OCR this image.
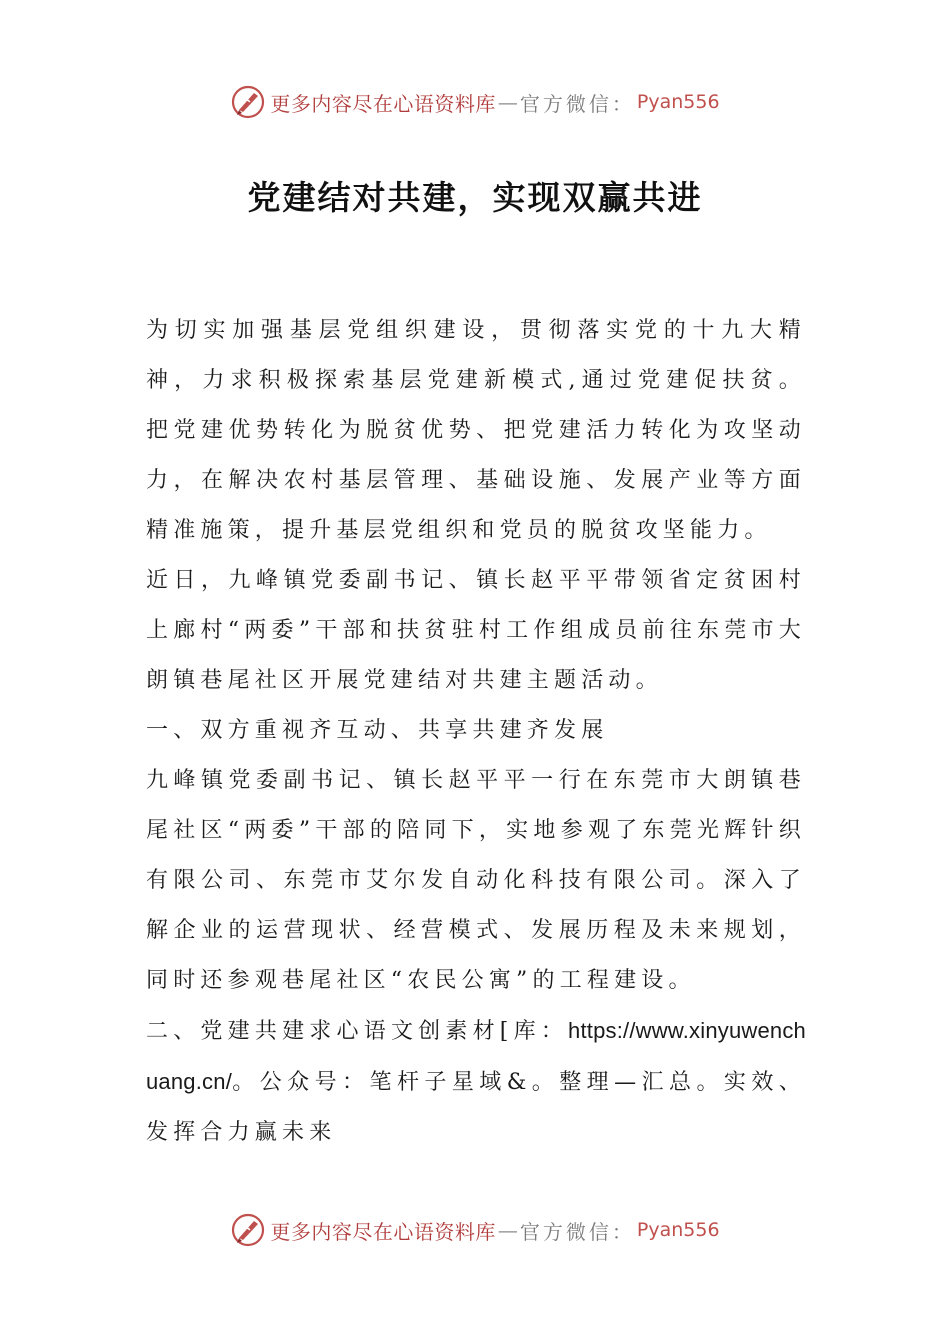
更多内容尽在心语资料库 — 官方微信： Pyan556
党建结对共建，实现双赢共进

为切实加强基层党组织建设，贯彻落实党的十九大精神，力求积极探索基层党建新模式,通过党建促扶贫。把党建优势转化为脱贫优势、把党建活力转化为攻坚动力，在解决农村基层管理、基础设施、发展产业等方面精准施策，提升基层党组织和党员的脱贫攻坚能力。

近日，九峰镇党委副书记、镇长赵平平带领省定贫困村上廊村“两委”干部和扶贫驻村工作组成员前往东莞市大朗镇巷尾社区开展党建结对共建主题活动。

一、双方重视齐互动、共享共建齐发展

九峰镇党委副书记、镇长赵平平一行在东莞市大朗镇巷尾社区“两委”干部的陪同下，实地参观了东莞光辉针织有限公司、东莞市艾尔发自动化科技有限公司。深入了解企业的运营现状、经营模式、发展历程及未来规划，同时还参观巷尾社区“农民公寓”的工程建设。

二、党建共建求心语文创素材[库：https://www.xinyuwenchuang.cn/。公众号：笔杆子星域&。整理—汇总。实效、发挥合力赢未来

更多内容尽在心语资料库 — 官方微信： Pyan556
